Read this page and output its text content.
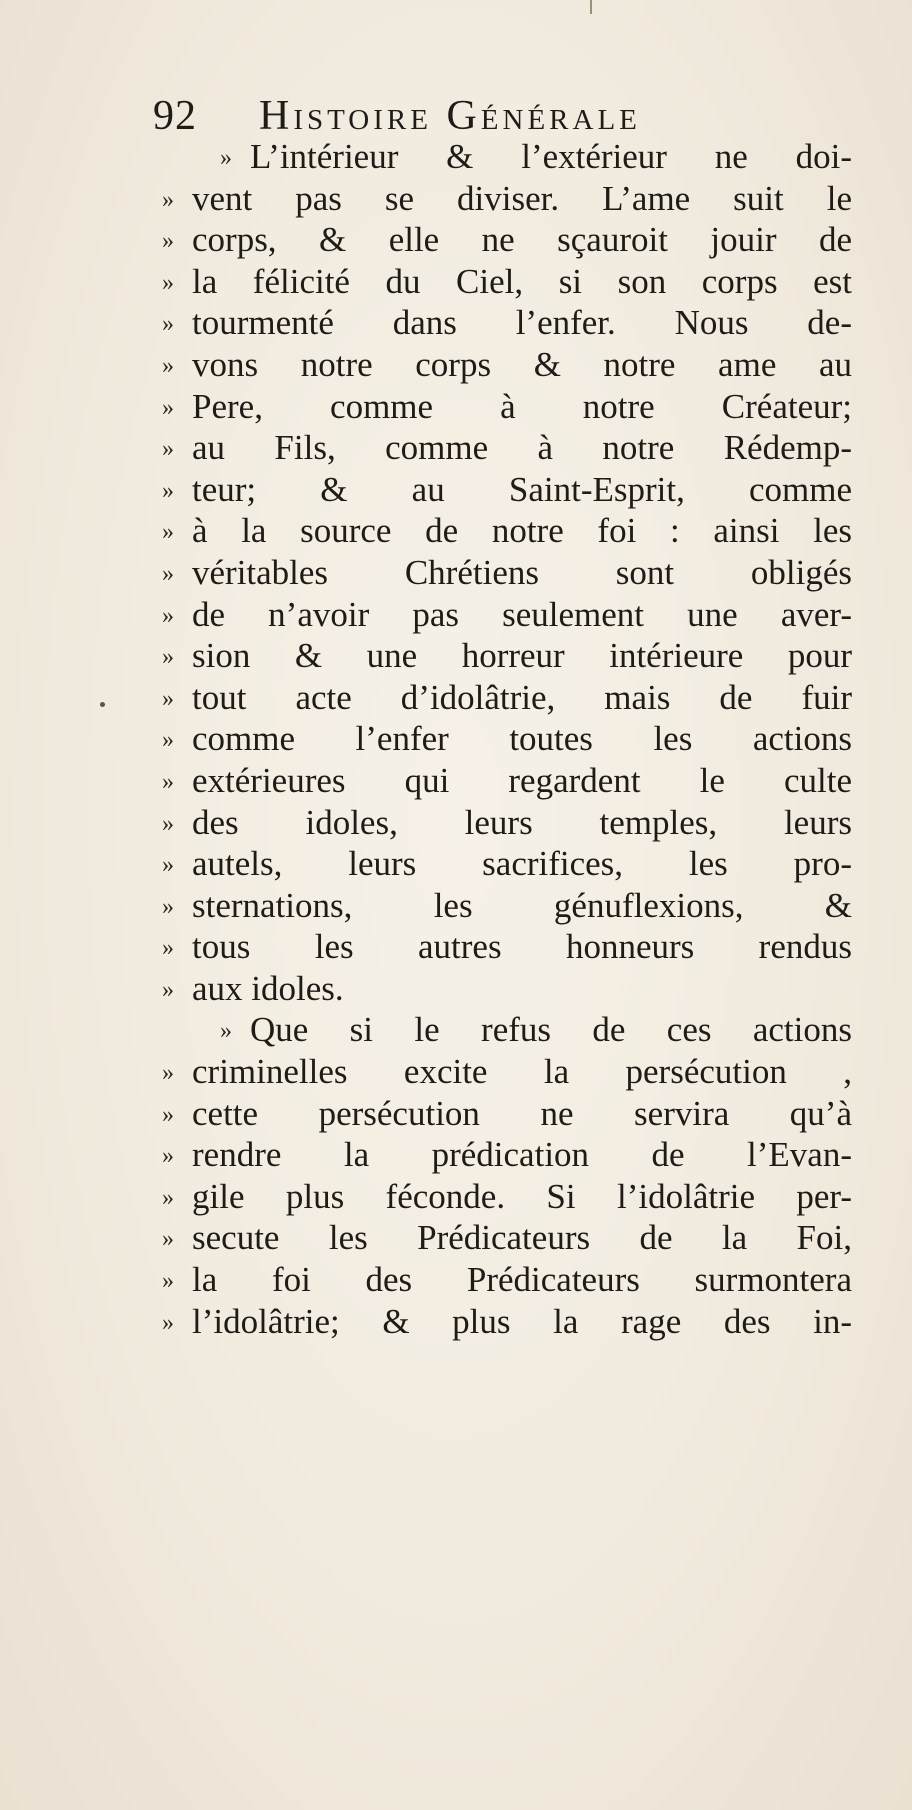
92 Histoire Générale
» L’intérieur & l’extérieur ne doi-
» vent pas se diviser. L’ame suit le
» corps, & elle ne sçauroit jouir de
» la félicité du Ciel, si son corps est
» tourmenté dans l’enfer. Nous de-
» vons notre corps & notre ame au
» Pere, comme à notre Créateur;
» au Fils, comme à notre Rédemp-
» teur; & au Saint-Esprit, comme
» à la source de notre foi : ainsi les
» véritables Chrétiens sont obligés
» de n’avoir pas seulement une aver-
» sion & une horreur intérieure pour
» tout acte d’idolâtrie, mais de fuir
» comme l’enfer toutes les actions
» extérieures qui regardent le culte
» des idoles, leurs temples, leurs
» autels, leurs sacrifices, les pro-
» sternations, les génuflexions, &
» tous les autres honneurs rendus
» aux idoles.
» Que si le refus de ces actions
» criminelles excite la persécution ,
» cette persécution ne servira qu’à
» rendre la prédication de l’Evan-
» gile plus féconde. Si l’idolâtrie per-
» secute les Prédicateurs de la Foi,
» la foi des Prédicateurs surmontera
» l’idolâtrie; & plus la rage des in-
